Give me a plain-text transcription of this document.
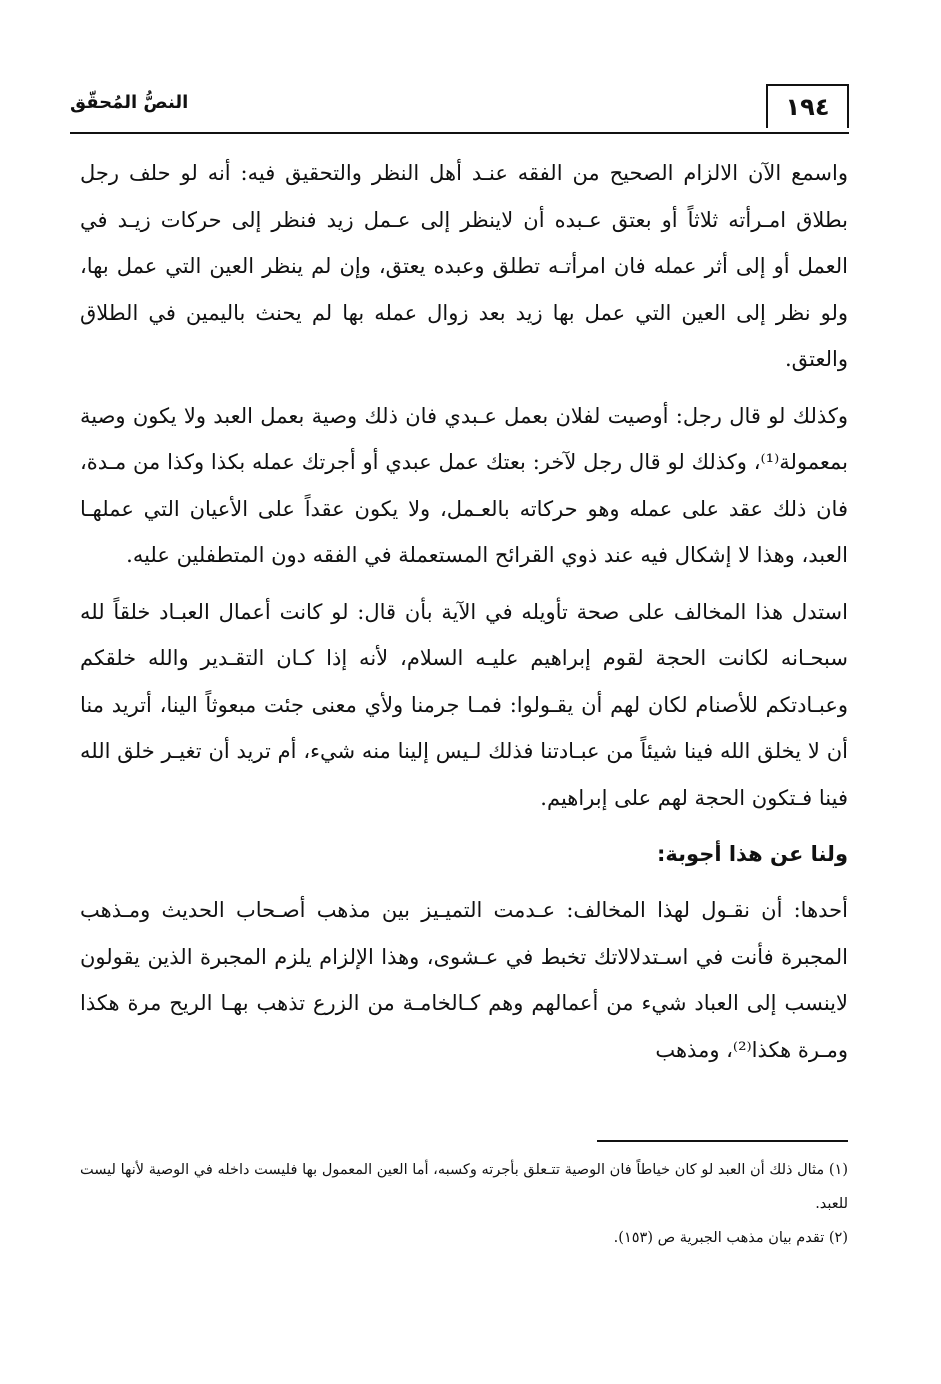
١٩٤
النصُّ المُحقّق

واسمع الآن الالزام الصحيح من الفقه عنـد أهل النظر والتحقيق فيه: أنه لو حلف رجل بطلاق امـرأته ثلاثاً أو بعتق عـبده أن لاينظر إلى عـمل زيد فنظر إلى حركات زيـد في العمل أو إلى أثر عمله فان امرأتـه تطلق وعبده يعتق، وإن لم ينظر العين التي عمل بها، ولو نظر إلى العين التي عمل بها زيد بعد زوال عمله بها لم يحنث باليمين في الطلاق والعتق.

وكذلك لو قال رجل: أوصيت لفلان بعمل عـبدي فان ذلك وصية بعمل العبد ولا يكون وصية بمعمولة⁽¹⁾، وكذلك لو قال رجل لآخر: بعتك عمل عبدي أو أجرتك عمله بكذا وكذا من مـدة، فان ذلك عقد على عمله وهو حركاته بالعـمل، ولا يكون عقداً على الأعيان التي عملهـا العبد، وهذا لا إشكال فيه عند ذوي القرائح المستعملة في الفقه دون المتطفلين عليه.

استدل هذا المخالف على صحة تأويله في الآية بأن قال: لو كانت أعمال العبـاد خلقاً لله سبحـانه لكانت الحجة لقوم إبراهيم عليـه السلام، لأنه إذا كـان التقـدير والله خلقكم وعبـادتكم للأصنام لكان لهم أن يقـولوا: فمـا جرمنا ولأي معنى جئت مبعوثاً الينا، أتريد منا أن لا يخلق الله فينا شيئاً من عبـادتنا فذلك لـيس إلينا منه شيء، أم تريد أن تغيـر خلق الله فينا فـتكون الحجة لهم على إبراهيم.

ولنا عن هذا أجوبة:

أحدها: أن نقـول لهذا المخالف: عـدمت التميـيز بين مذهب أصـحاب الحديث ومـذهب المجبرة فأنت في اسـتدلالاتك تخبط في عـشوى، وهذا الإلزام يلزم المجبرة الذين يقولون لاينسب إلى العباد شيء من أعمالهم وهم كـالخامـة من الزرع تذهب بهـا الريح مرة هكذا ومـرة هكذا⁽²⁾، ومذهب

(١) مثال ذلك أن العبد لو كان خياطاً فان الوصية تتـعلق بأجرته وكسبه، أما العين المعمول بها فليست داخله في الوصية لأنها ليست للعبد.

(٢) تقدم بيان مذهب الجبرية ص (١٥٣).
